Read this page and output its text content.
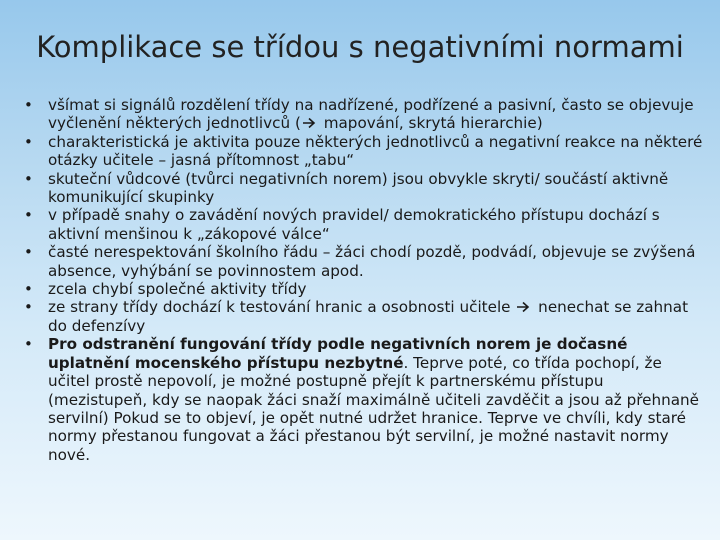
Komplikace se třídou s negativními normami
• všímat si signálů rozdělení třídy na nadřízené, podřízené a pasivní, často se objevuje vyčlenění některých jednotlivců ( mapování, skrytá hierarchie)
• charakteristická je aktivita pouze některých jednotlivců a negativní reakce na některé otázky učitele – jasná přítomnost „tabu“
• skuteční vůdcové (tvůrci negativních norem) jsou obvykle skryti/ součástí aktivně komunikující skupinky
• v případě snahy o zavádění nových pravidel/ demokratického přístupu dochází s aktivní menšinou k „zákopové válce“
• časté nerespektování školního řádu – žáci chodí pozdě, podvádí, objevuje se zvýšená absence, vyhýbání se povinnostem apod.
• zcela chybí společné aktivity třídy
• ze strany třídy dochází k testování hranic a osobnosti učitele  nenechat se zahnat do defenzívy
• Pro odstranění fungování třídy podle negativních norem je dočasné uplatnění mocenského přístupu nezbytné. Teprve poté, co třída pochopí, že učitel prostě nepovolí, je možné postupně přejít k partnerskému přístupu (mezistupeň, kdy se naopak žáci snaží maximálně učiteli zavděčit a jsou až přehnaně servilní) Pokud se to objeví, je opět nutné udržet hranice. Teprve ve chvíli, kdy staré normy přestanou fungovat a žáci přestanou být servilní, je možné nastavit normy nové.
